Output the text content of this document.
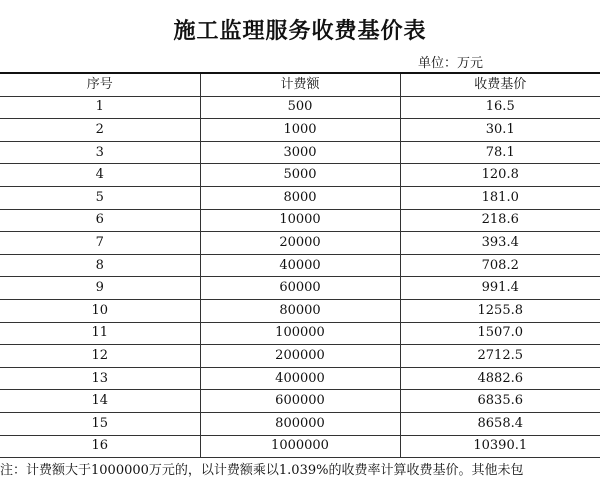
施工监理服务收费基价表

单位：万元

序号	计费额	收费基价
1	500	16.5
2	1000	30.1
3	3000	78.1
4	5000	120.8
5	8000	181.0
6	10000	218.6
7	20000	393.4
8	40000	708.2
9	60000	991.4
10	80000	1255.8
11	100000	1507.0
12	200000	2712.5
13	400000	4882.6
14	600000	6835.6
15	800000	8658.4
16	1000000	10390.1

注：计费额大于1000000万元的，以计费额乘以1.039%的收费率计算收费基价。其他未包
